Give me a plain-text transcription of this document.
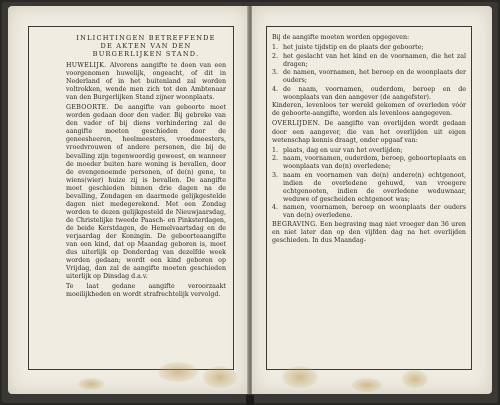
INLICHTINGEN BETREFFENDE
DE AKTEN VAN DEN
BURGERLIJKEN STAND.

HUWELIJK. Alvorens aangifte te doen van een voorgenomen huwelijk, ongeacht, of dit in Nederland of in het buitenland zal worden voltrokken, wende men zich tot den Ambtenaar van den Burgerlijken Stand zijner woonplaats.

GEBOORTE. De aangifte van geboorte moet worden gedaan door den vader. Bij gebreke van den vader of bij diens verhindering zal de aangifte moeten geschieden door de geneesheeren, heelmeesters, vroedmeesters, vroedvrouwen of andere personen, die bij de bevalling zijn tegenwoordig geweest, en wanneer de moeder buiten hare woning is bevallen, door de evengenoemde personen, of de(n) gene, te wiens(wier) huize zij is bevallen. De aangifte moet geschieden binnen drie dagen na de bevalling, Zondagen en daarmede gelijkgestelde dagen niet medegerekend. Met een Zondag worden te dezen gelijkgesteld de Nieuwjaarsdag, de Christelijke tweede Paasch- en Pinksterdagen, de beide Kerstdagen, de Hemelvaartsdag en de verjaardag der Koningin. De geboorteaangifte van een kind, dat op Maandag geboren is, moet dus uiterlijk op Donderdag van dezelfde week worden gedaan; wordt een kind geboren op Vrijdag, dan zal de aangifte moeten geschieden uiterlijk op Dinsdag d.a.v.

Te laat gedane aangifte veroorzaakt moeilijkheden en wordt strafrechtelijk vervolgd.

Bij de aangifte moeten worden opgegeven:

1. het juiste tijdstip en de plaats der geboorte;
2. het geslacht van het kind en de voornamen, die het zal dragen;
3. de namen, voornamen, het beroep en de woonplaats der ouders;
4. de naam, voornamen, ouderdom, beroep en de woonplaats van den aangever (de aangefster).

Kinderen, levenloos ter wereld gekomen of overleden vóór de geboorte-aangifte, worden als levenloos aangegeven.

OVERLIJDEN. De aangifte van overlijden wordt gedaan door een aangever, die van het overlijden uit eigen wetenschap kennis draagt, onder opgaaf van:

1. plaats, dag en uur van het overlijden;
2. naam, voornamen, ouderdom, beroep, geboorteplaats en woonplaats van de(n) overledene;
3. naam en voornamen van de(n) andere(n) echtgenoot, indien de overledene gehuwd, van vroegere echtgenooten, indien de overledene weduwnaar, weduwe of gescheiden echtgenoot was;
4. namen, voornamen, beroep en woonplaats der ouders van de(n) overledene.

BEGRAVING. Een begraving mag niet vroeger dan 36 uren en niet later dan op den vijfden dag na het overlijden geschieden. In dus Maandag-
